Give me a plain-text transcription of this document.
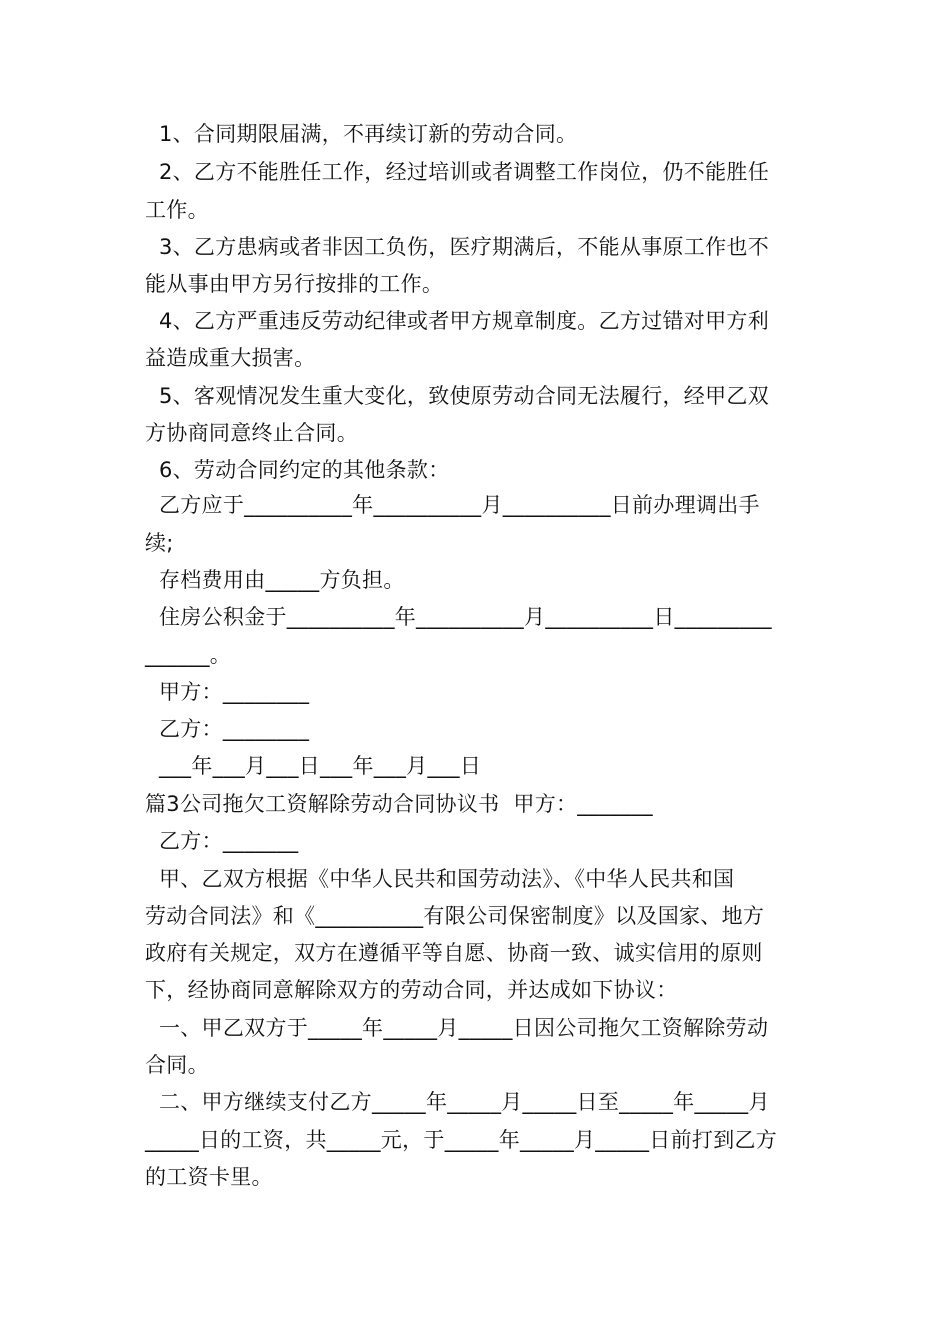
1、合同期限届满，不再续订新的劳动合同。
2、乙方不能胜任工作，经过培训或者调整工作岗位，仍不能胜任
工作。
3、乙方患病或者非因工负伤，医疗期满后，不能从事原工作也不
能从事由甲方另行按排的工作。
4、乙方严重违反劳动纪律或者甲方规章制度。乙方过错对甲方利
益造成重大损害。
5、客观情况发生重大变化，致使原劳动合同无法履行，经甲乙双
方协商同意终止合同。
6、劳动合同约定的其他条款：
乙方应于__________年__________月__________日前办理调出手
续;
存档费用由_____方负担。
住房公积金于__________年__________月__________日_________
______。
甲方：________
乙方：________
___年___月___日___年___月___日
篇3公司拖欠工资解除劳动合同协议书  甲方：_______
乙方：_______
甲、乙双方根据《中华人民共和国劳动法》、《中华人民共和国
劳动合同法》和《__________有限公司保密制度》以及国家、地方
政府有关规定，双方在遵循平等自愿、协商一致、诚实信用的原则
下，经协商同意解除双方的劳动合同，并达成如下协议：
一、甲乙双方于_____年_____月_____日因公司拖欠工资解除劳动
合同。
二、甲方继续支付乙方_____年_____月_____日至_____年_____月
_____日的工资，共_____元，于_____年_____月_____日前打到乙方
的工资卡里。
